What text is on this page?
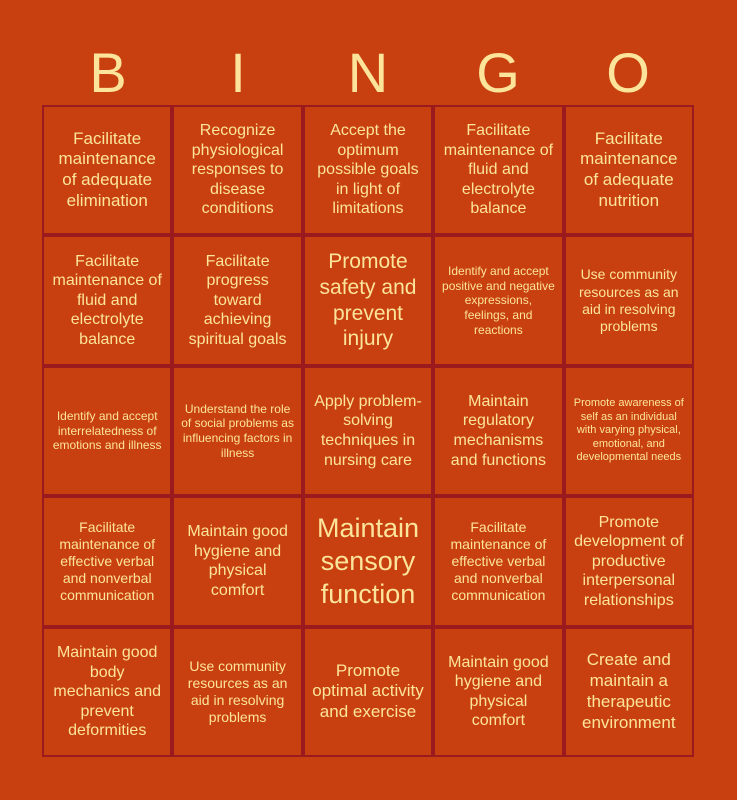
B	I	N	G	O
Facilitate maintenance of adequate elimination
Recognize physiological responses to disease conditions
Accept the optimum possible goals in light of limitations
Facilitate maintenance of fluid and electrolyte balance
Facilitate maintenance of adequate nutrition
Facilitate maintenance of fluid and electrolyte balance
Facilitate progress toward achieving spiritual goals
Promote safety and prevent injury
Identify and accept positive and negative expressions, feelings, and reactions
Use community resources as an aid in resolving problems
Identify and accept interrelatedness of emotions and illness
Understand the role of social problems as influencing factors in illness
Apply problem-solving techniques in nursing care
Maintain regulatory mechanisms and functions
Promote awareness of self as an individual with varying physical, emotional, and developmental needs
Facilitate maintenance of effective verbal and nonverbal communication
Maintain good hygiene and physical comfort
Maintain sensory function
Facilitate maintenance of effective verbal and nonverbal communication
Promote development of productive interpersonal relationships
Maintain good body mechanics and prevent deformities
Use community resources as an aid in resolving problems
Promote optimal activity and exercise
Maintain good hygiene and physical comfort
Create and maintain a therapeutic environment
